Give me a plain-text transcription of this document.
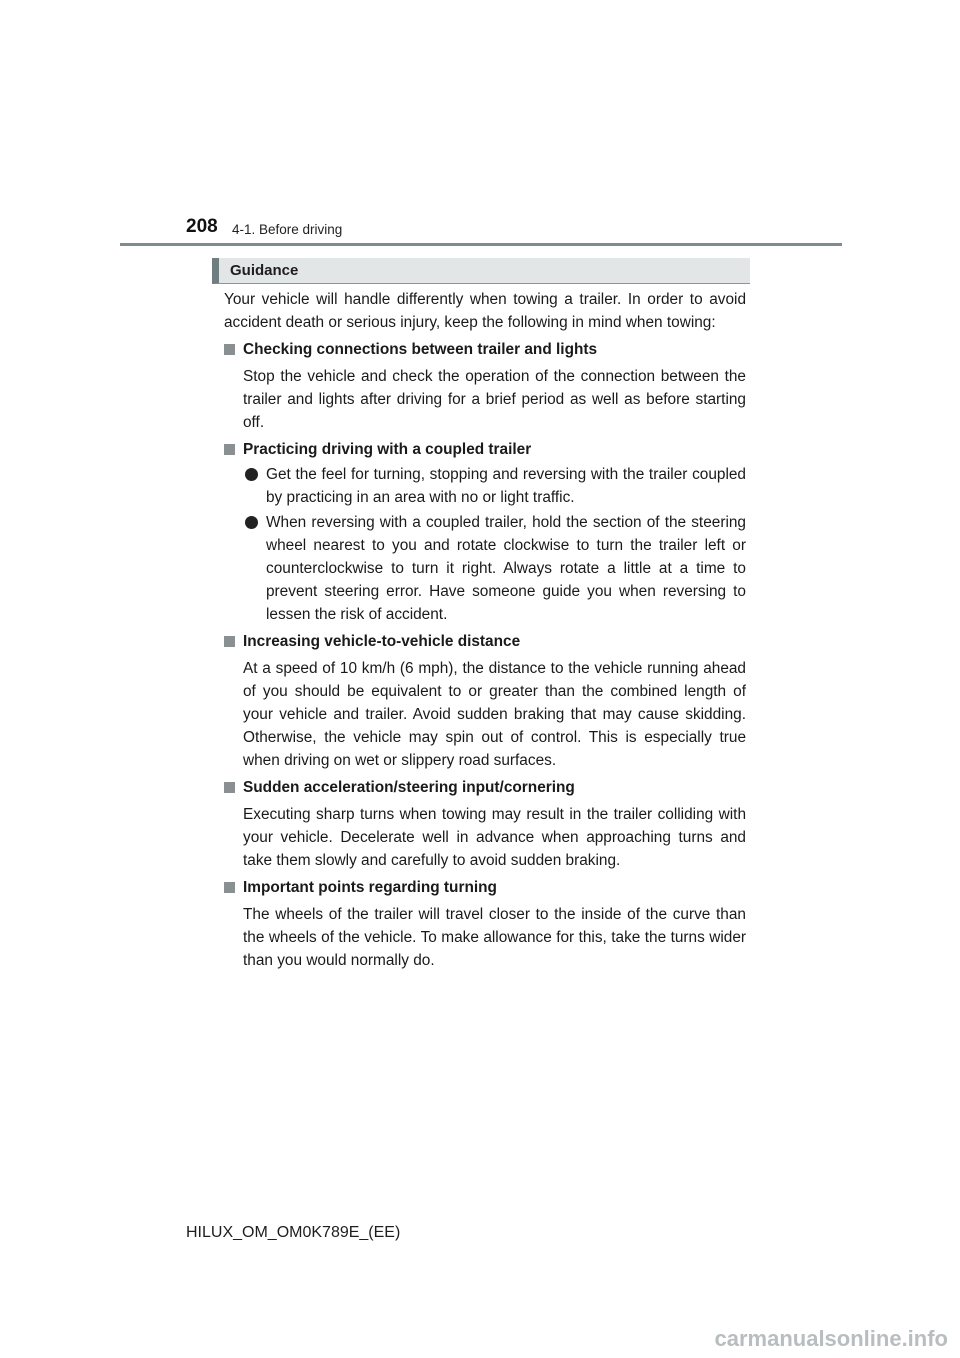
208 4-1. Before driving
Guidance

Your vehicle will handle differently when towing a trailer. In order to avoid accident death or serious injury, keep the following in mind when towing:

Checking connections between trailer and lights

Stop the vehicle and check the operation of the connection between the trailer and lights after driving for a brief period as well as before starting off.

Practicing driving with a coupled trailer
Get the feel for turning, stopping and reversing with the trailer coupled by practicing in an area with no or light traffic.
When reversing with a coupled trailer, hold the section of the steering wheel nearest to you and rotate clockwise to turn the trailer left or counterclockwise to turn it right. Always rotate a little at a time to prevent steering error. Have someone guide you when reversing to lessen the risk of accident.
Increasing vehicle-to-vehicle distance

At a speed of 10 km/h (6 mph), the distance to the vehicle running ahead of you should be equivalent to or greater than the combined length of your vehicle and trailer. Avoid sudden braking that may cause skidding. Otherwise, the vehicle may spin out of control. This is especially true when driving on wet or slippery road surfaces.

Sudden acceleration/steering input/cornering

Executing sharp turns when towing may result in the trailer colliding with your vehicle. Decelerate well in advance when approaching turns and take them slowly and carefully to avoid sudden braking.

Important points regarding turning

The wheels of the trailer will travel closer to the inside of the curve than the wheels of the vehicle. To make allowance for this, take the turns wider than you would normally do.

HILUX_OM_OM0K789E_(EE)
carmanualsonline.info
